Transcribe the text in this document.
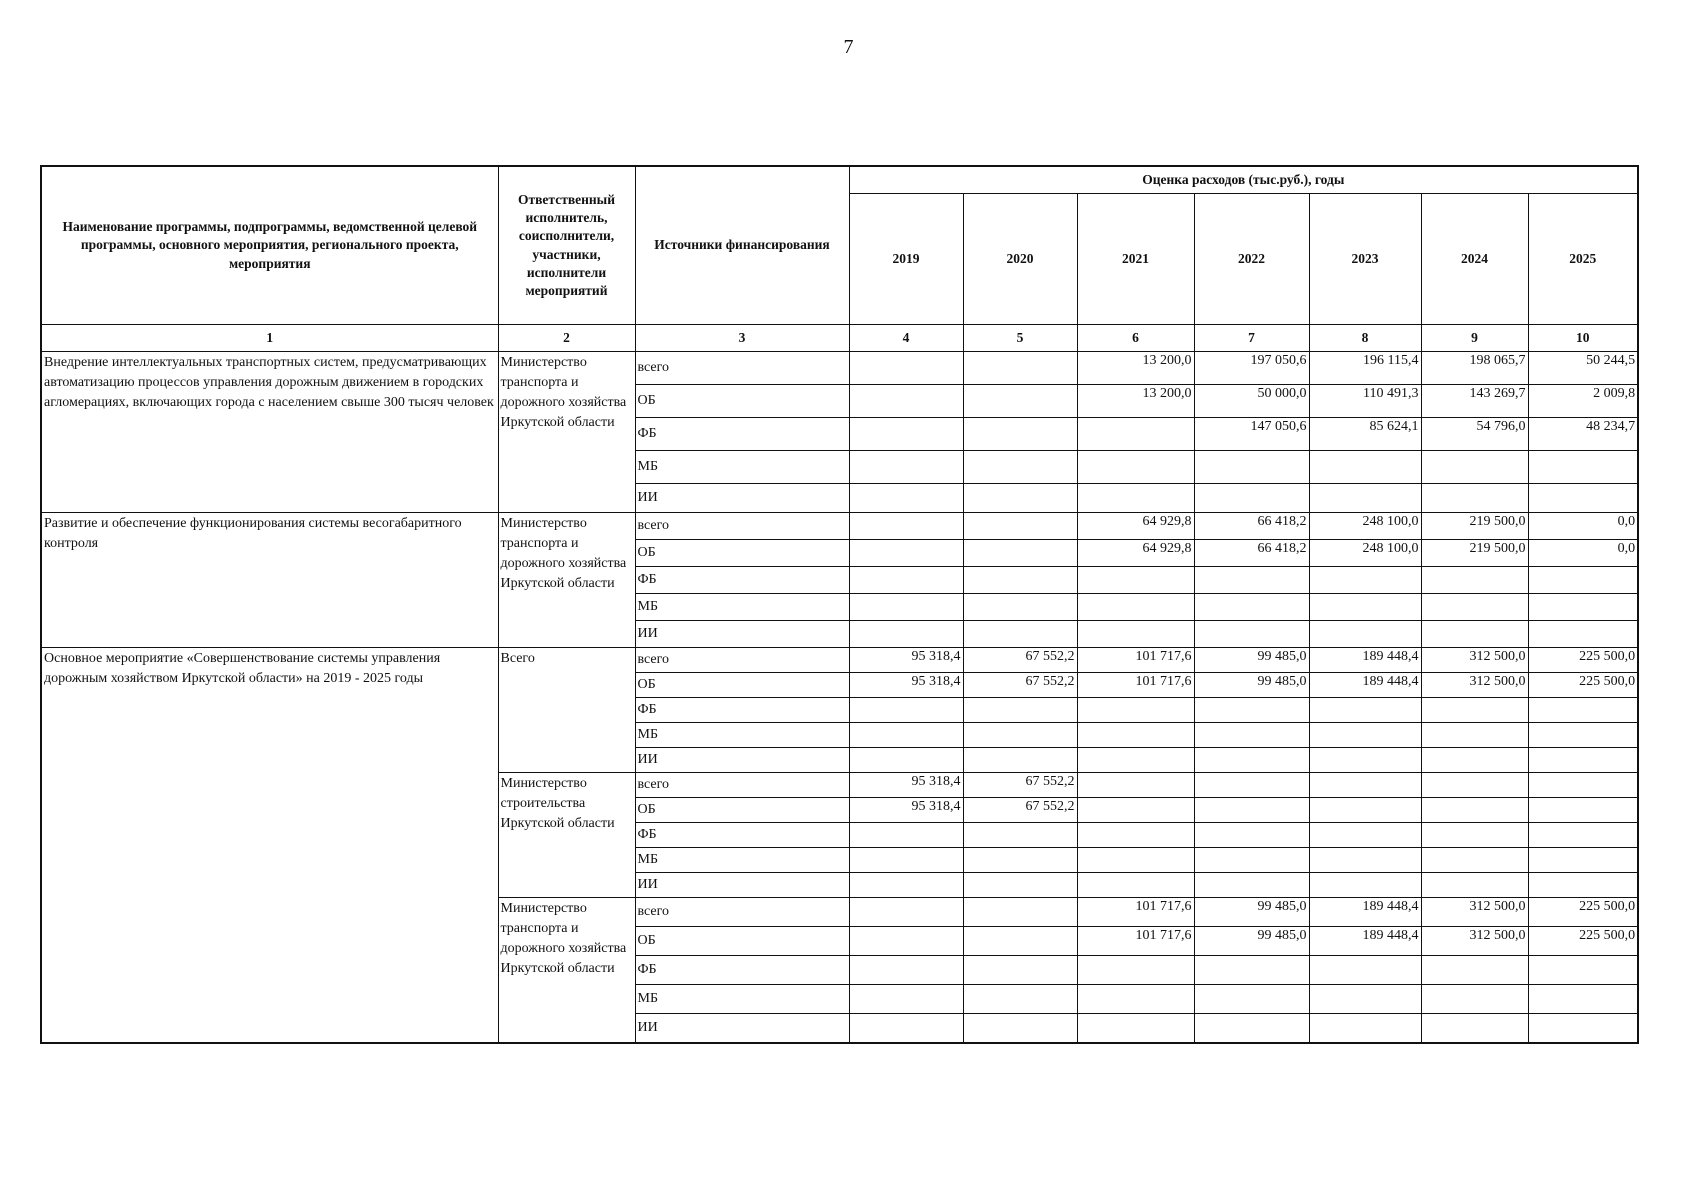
7
Наименование программы, подпрограммы, ведомственной целевой программы, основного мероприятия, регионального проекта, мероприятия	Ответственный исполнитель, соисполнители, участники, исполнители мероприятий	Источники финансирования	Оценка расходов (тыс.руб.), годы						
			2019	2020	2021	2022	2023	2024	2025
1	2	3	4	5	6	7	8	9	10
Внедрение интеллектуальных транспортных систем, предусматривающих автоматизацию процессов управления дорожным движением в городских агломерациях, включающих города с населением свыше 300 тысяч человек	Министерство транспорта и дорожного хозяйства Иркутской области	всего			13 200,0	197 050,6	196 115,4	198 065,7	50 244,5
		ОБ			13 200,0	50 000,0	110 491,3	143 269,7	2 009,8
		ФБ				147 050,6	85 624,1	54 796,0	48 234,7
		МБ							
		ИИ							
Развитие и обеспечение функционирования системы весогабаритного контроля	Министерство транспорта и дорожного хозяйства Иркутской области	всего			64 929,8	66 418,2	248 100,0	219 500,0	0,0
		ОБ			64 929,8	66 418,2	248 100,0	219 500,0	0,0
		ФБ							
		МБ							
		ИИ							
Основное мероприятие «Совершенствование системы управления дорожным хозяйством Иркутской области» на 2019 - 2025 годы	Всего	всего	95 318,4	67 552,2	101 717,6	99 485,0	189 448,4	312 500,0	225 500,0
		ОБ	95 318,4	67 552,2	101 717,6	99 485,0	189 448,4	312 500,0	225 500,0
		ФБ							
		МБ							
		ИИ							
	Министерство строительства Иркутской области	всего	95 318,4	67 552,2					
		ОБ	95 318,4	67 552,2					
		ФБ							
		МБ							
		ИИ							
	Министерство транспорта и дорожного хозяйства Иркутской области	всего			101 717,6	99 485,0	189 448,4	312 500,0	225 500,0
		ОБ			101 717,6	99 485,0	189 448,4	312 500,0	225 500,0
		ФБ							
		МБ							
		ИИ							
